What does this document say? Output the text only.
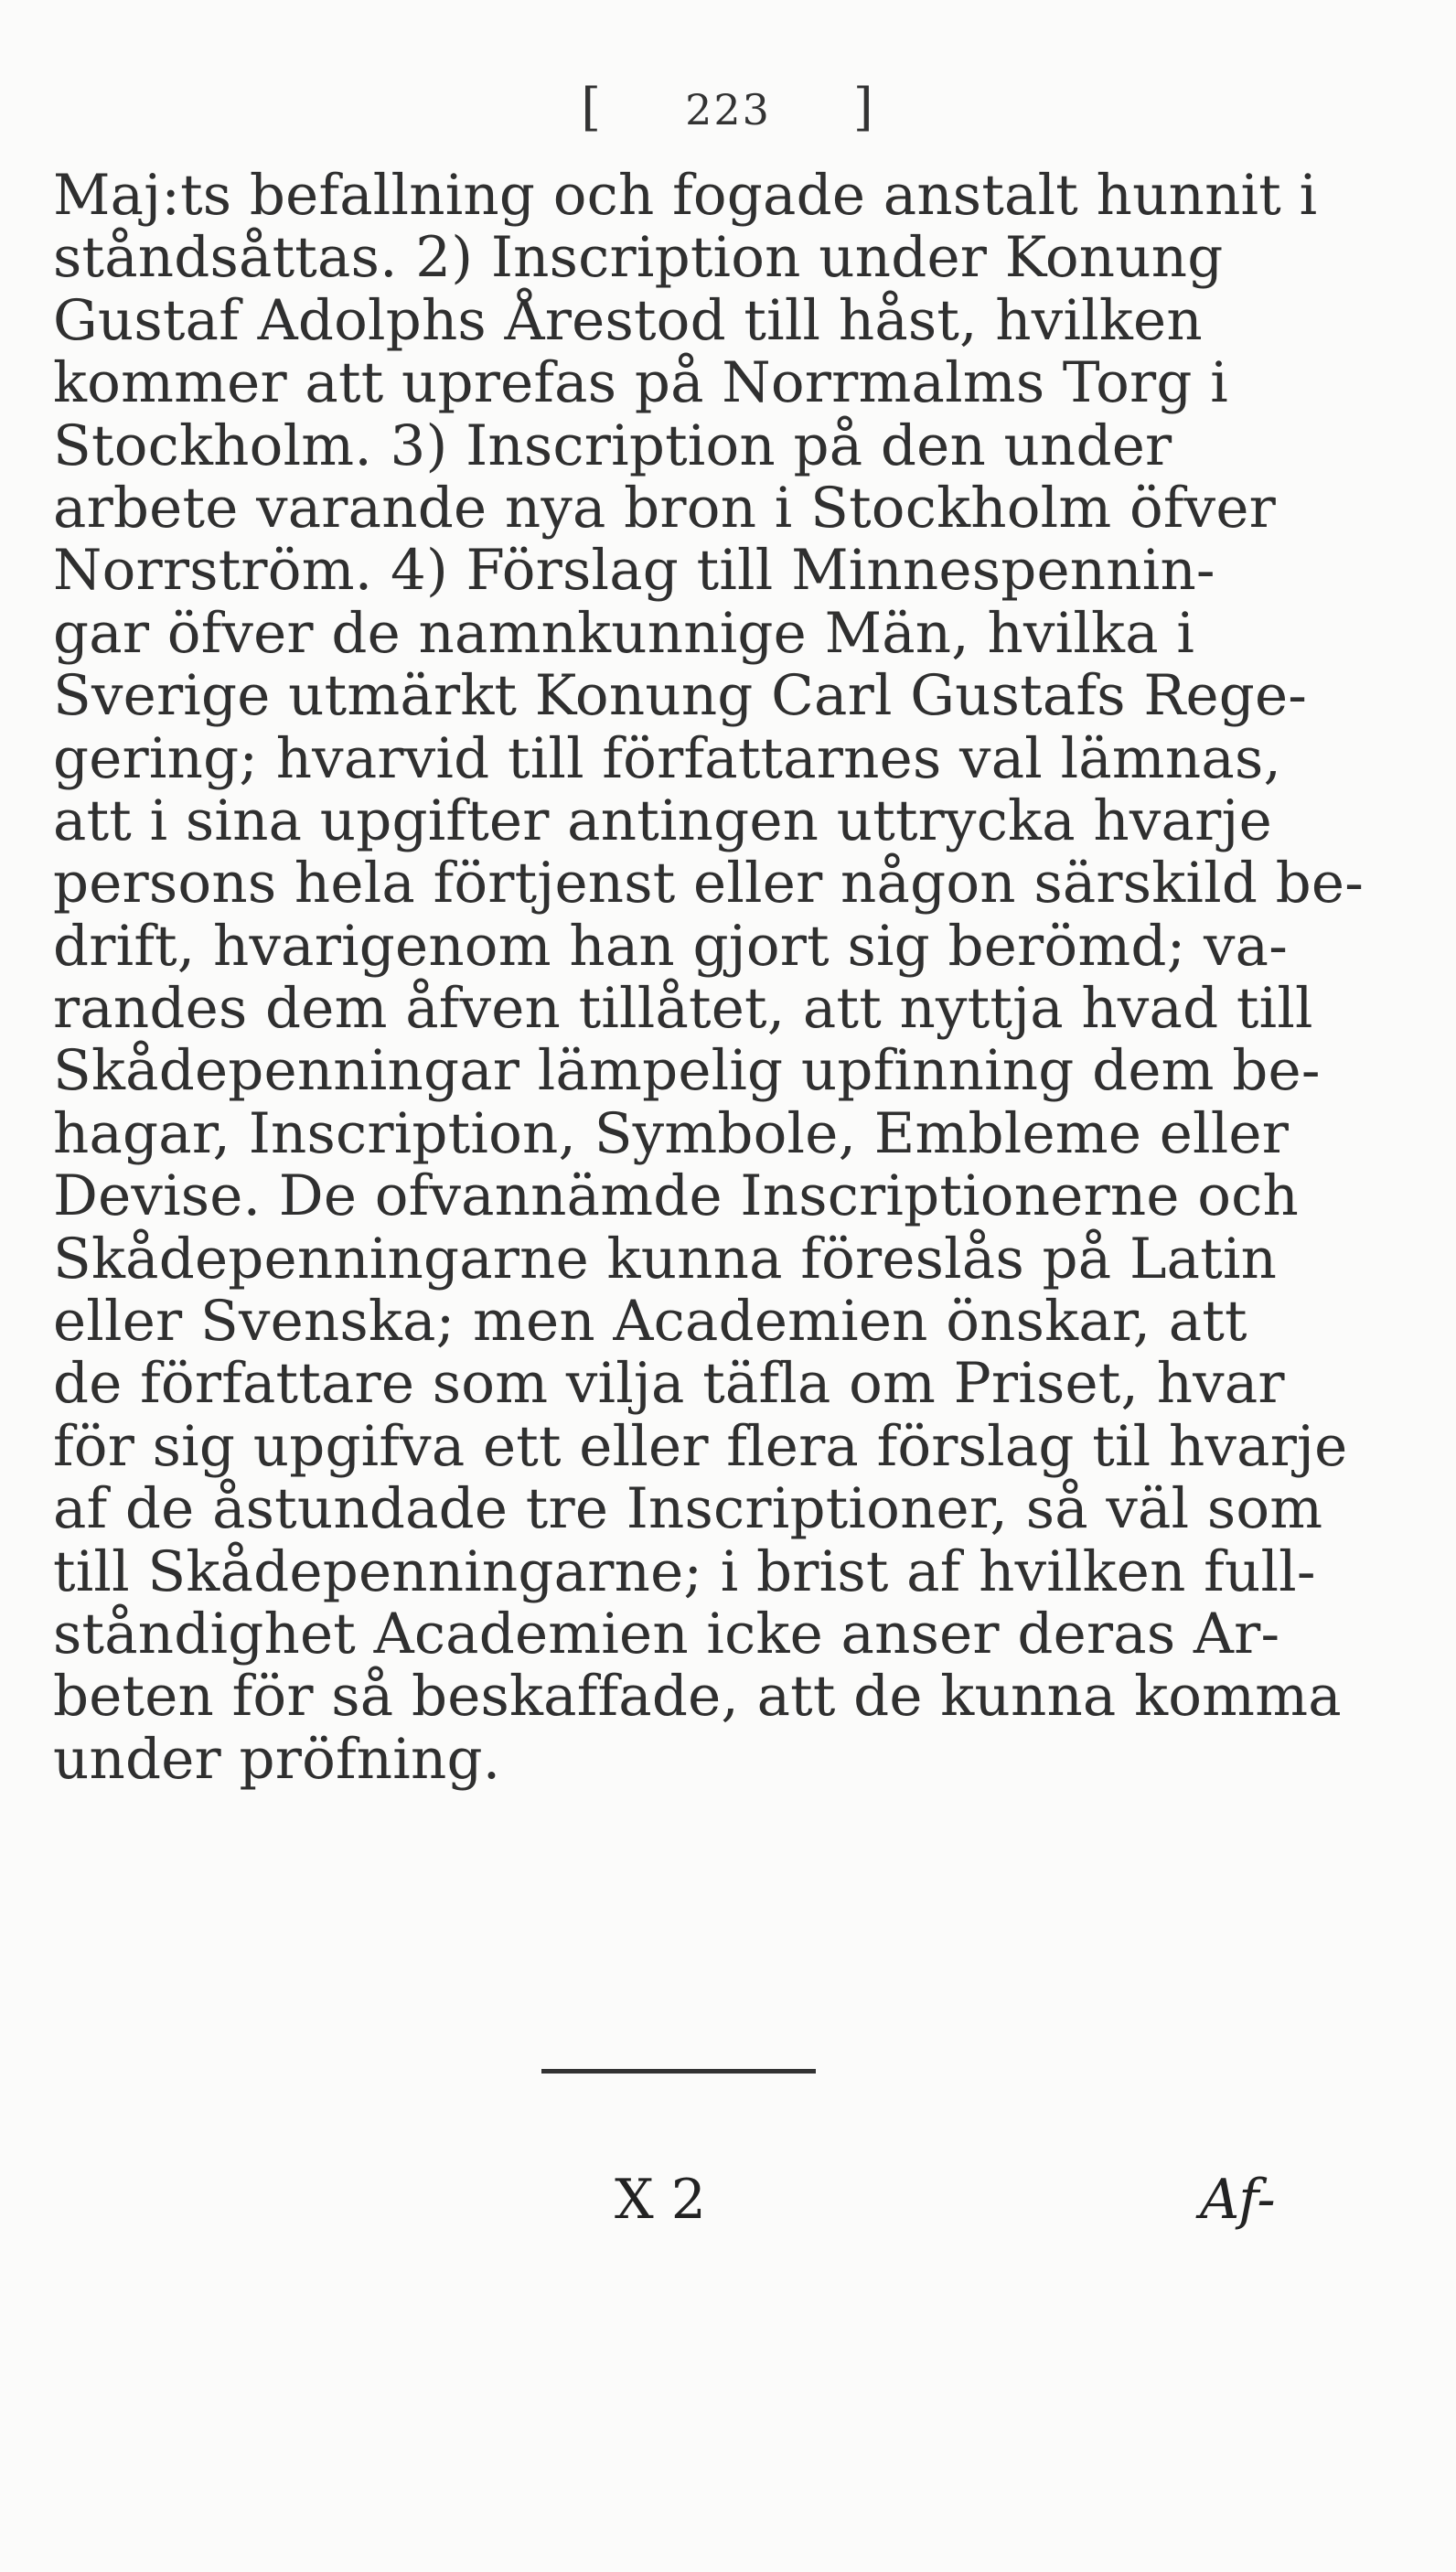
[ 223 ]
Maj:ts befallning och fogade anstalt hunnit i
ståndsåttas. 2) Inscription under Konung
Gustaf Adolphs Årestod till håst, hvilken
kommer att uprefas på Norrmalms Torg i
Stockholm. 3) Inscription på den under
arbete varande nya bron i Stockholm öfver
Norrström. 4) Förslag till Minnespennin-
gar öfver de namnkunnige Män, hvilka i
Sverige utmärkt Konung Carl Gustafs Rege-
gering; hvarvid till författarnes val lämnas,
att i sina upgifter antingen uttrycka hvarje
persons hela förtjenst eller någon särskild be-
drift, hvarigenom han gjort sig berömd; va-
randes dem åfven tillåtet, att nyttja hvad till
Skådepenningar lämpelig upfinning dem be-
hagar, Inscription, Symbole, Embleme eller
Devise. De ofvannämde Inscriptionerne och
Skådepenningarne kunna föreslås på Latin
eller Svenska; men Academien önskar, att
de författare som vilja täfla om Priset, hvar
för sig upgifva ett eller flera förslag til hvarje
af de åstundade tre Inscriptioner, så väl som
till Skådepenningarne; i brist af hvilken full-
ståndighet Academien icke anser deras Ar-
beten för så beskaffade, att de kunna komma
under pröfning.
X 2	Af-
